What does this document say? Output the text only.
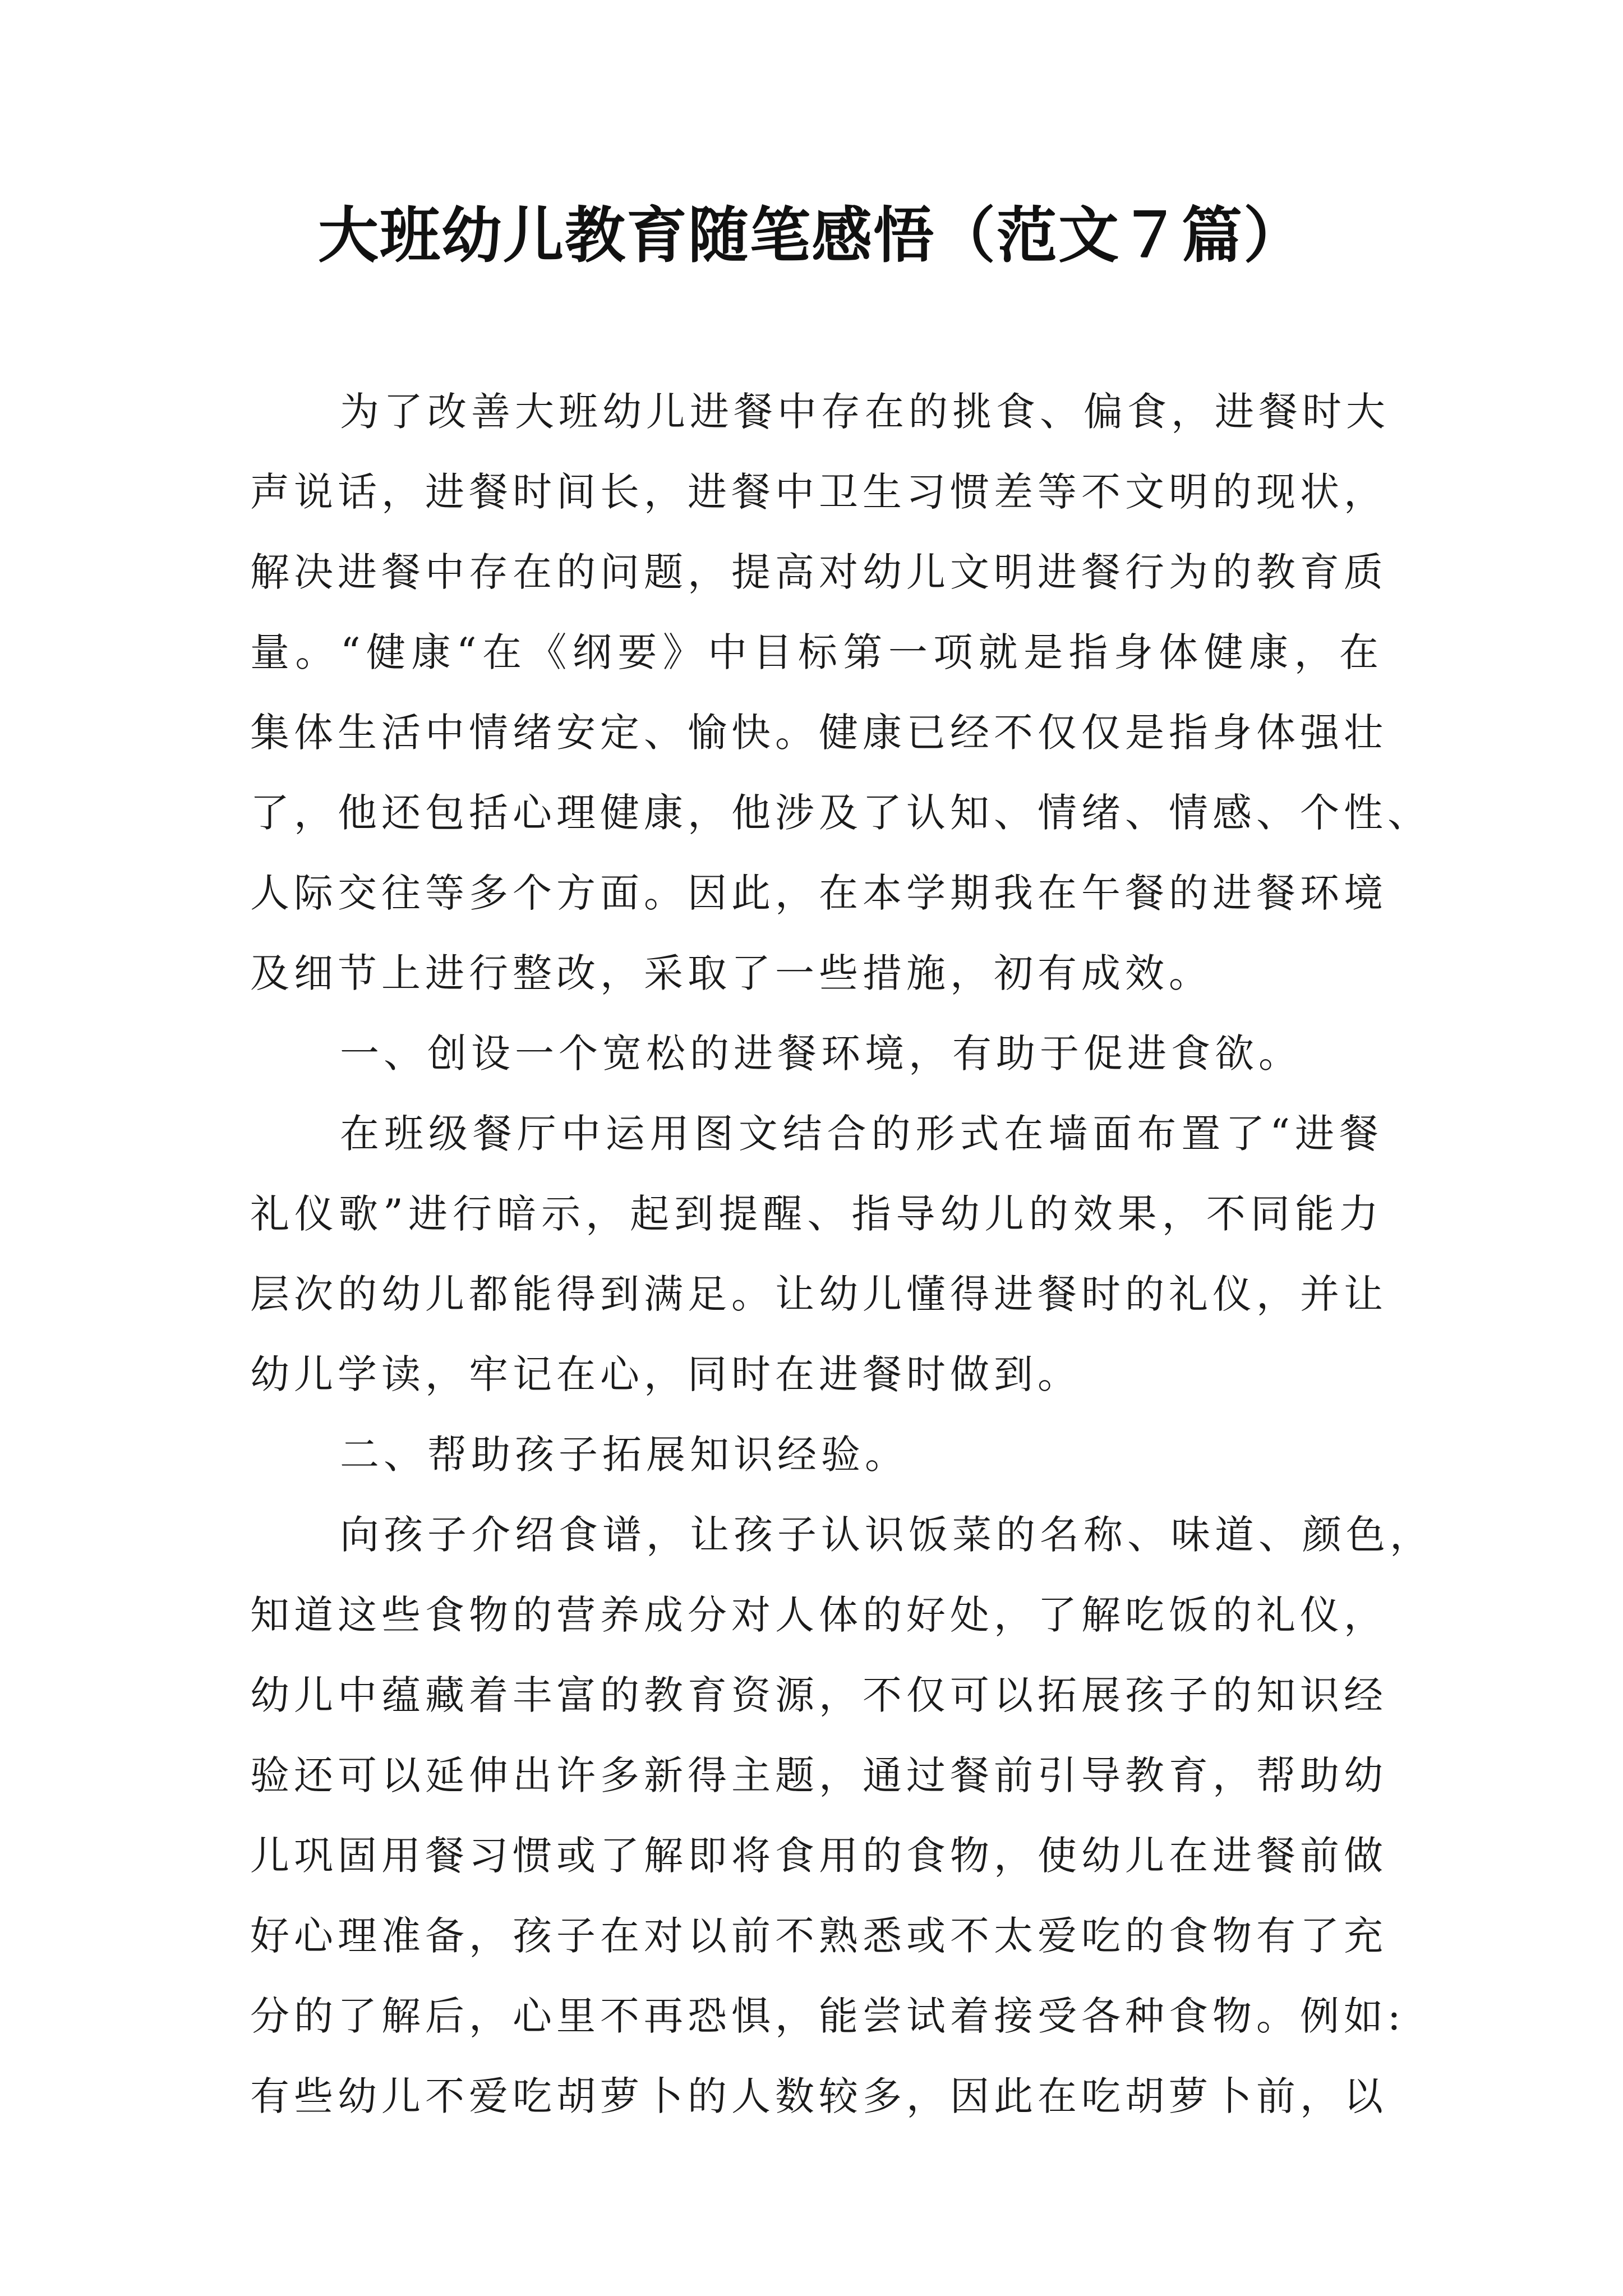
大班幼儿教育随笔感悟（范文７篇）
为了改善大班幼儿进餐中存在的挑食、偏食，进餐时大
声说话，进餐时间长，进餐中卫生习惯差等不文明的现状，
解决进餐中存在的问题，提高对幼儿文明进餐行为的教育质
量。“健康“在《纲要》中目标第一项就是指身体健康，在
集体生活中情绪安定、愉快。健康已经不仅仅是指身体强壮
了，他还包括心理健康，他涉及了认知、情绪、情感、个性、
人际交往等多个方面。因此，在本学期我在午餐的进餐环境
及细节上进行整改，采取了一些措施，初有成效。
一、创设一个宽松的进餐环境，有助于促进食欲。
在班级餐厅中运用图文结合的形式在墙面布置了“进餐
礼仪歌”进行暗示，起到提醒、指导幼儿的效果，不同能力
层次的幼儿都能得到满足。让幼儿懂得进餐时的礼仪，并让
幼儿学读，牢记在心，同时在进餐时做到。
二、帮助孩子拓展知识经验。
向孩子介绍食谱，让孩子认识饭菜的名称、味道、颜色，
知道这些食物的营养成分对人体的好处，了解吃饭的礼仪，
幼儿中蕴藏着丰富的教育资源，不仅可以拓展孩子的知识经
验还可以延伸出许多新得主题，通过餐前引导教育，帮助幼
儿巩固用餐习惯或了解即将食用的食物，使幼儿在进餐前做
好心理准备，孩子在对以前不熟悉或不太爱吃的食物有了充
分的了解后，心里不再恐惧，能尝试着接受各种食物。例如:
有些幼儿不爱吃胡萝卜的人数较多，因此在吃胡萝卜前，以
